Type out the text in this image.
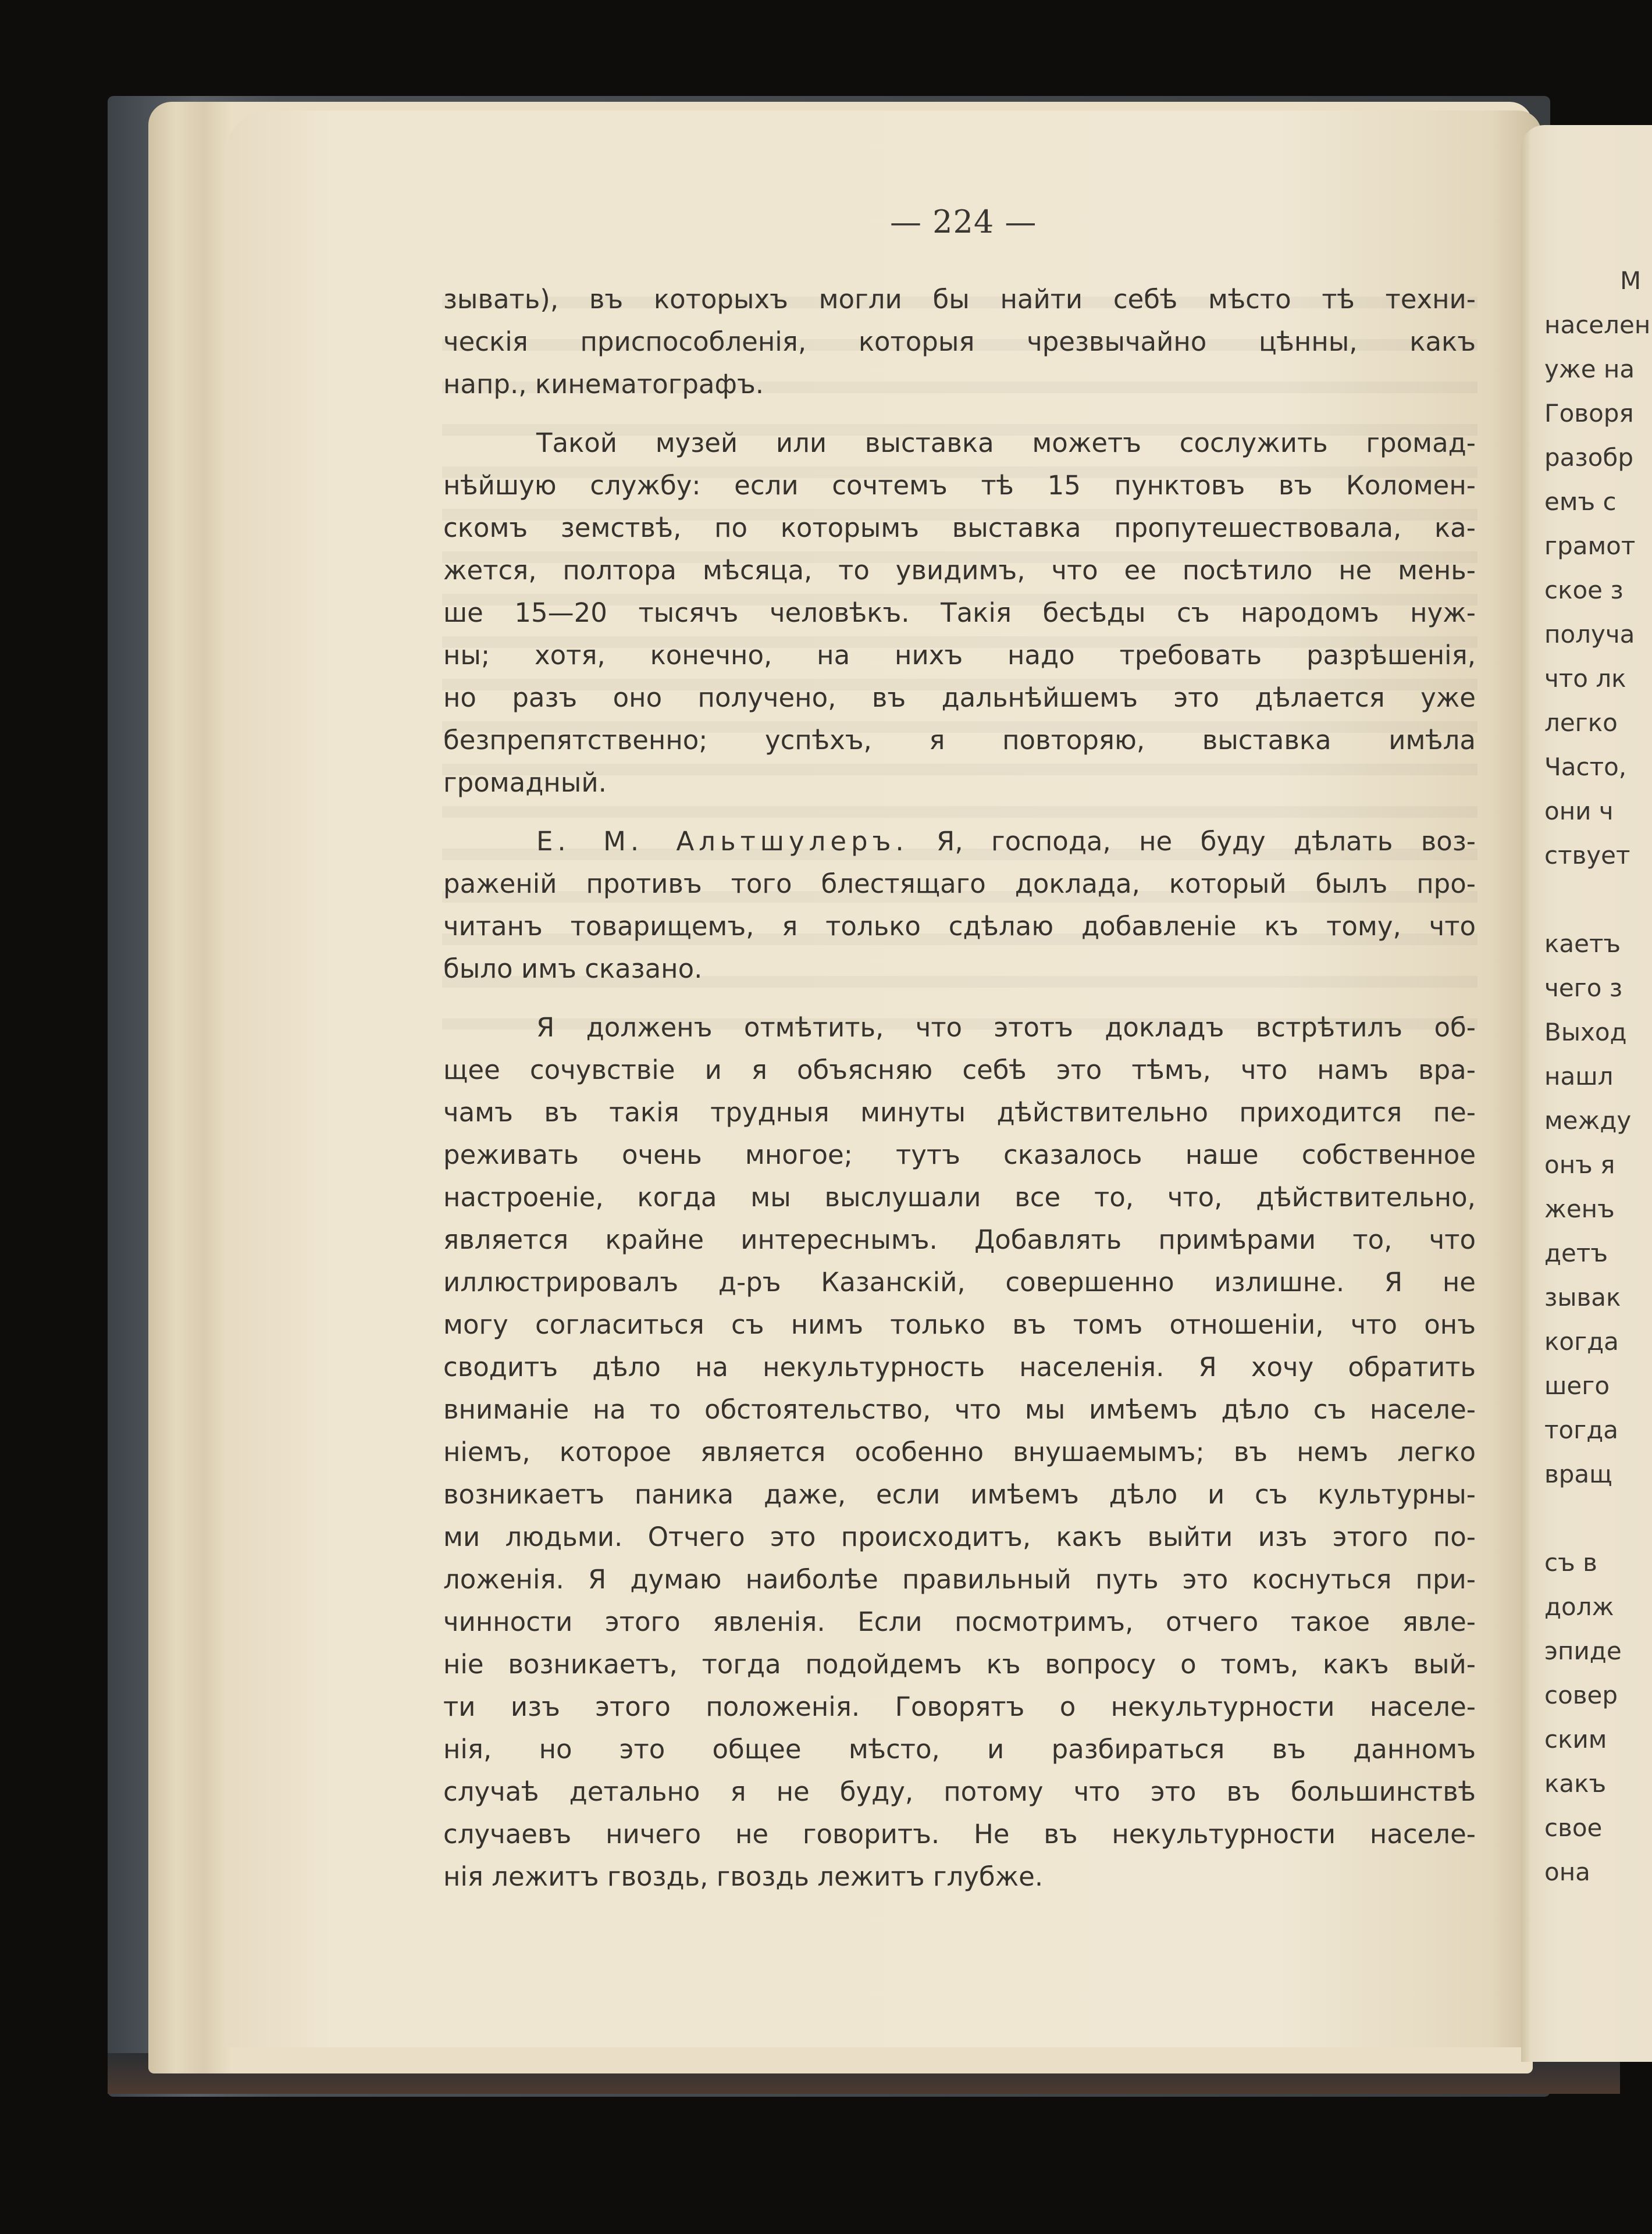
М
населен
уже на
Говоря
разобр
емъ с
грамот
ское з
получа
что лк
легко
Часто,
они ч
ствует
каетъ
чего з
Выход
нашл
между
онъ я
женъ
детъ
зывак
когда
шего
тогда
вращ
съ в
долж
эпиде
совер
ским
какъ
свое
она
— 224 —
зывать), въ которыхъ могли бы найти себѣ мѣсто тѣ техни-
ческія приспособленія, которыя чрезвычайно цѣнны, какъ
напр., кинематографъ.
Такой музей или выставка можетъ сослужить громад-
нѣйшую службу: если сочтемъ тѣ 15 пунктовъ въ Коломен-
скомъ земствѣ, по которымъ выставка пропутешествовала, ка-
жется, полтора мѣсяца, то увидимъ, что ее посѣтило не мень-
ше 15—20 тысячъ человѣкъ. Такія бесѣды съ народомъ нуж-
ны; хотя, конечно, на нихъ надо требовать разрѣшенія,
но разъ оно получено, въ дальнѣйшемъ это дѣлается уже
безпрепятственно; успѣхъ, я повторяю, выставка имѣла
громадный.
Е. М. Альтшулеръ. Я, господа, не буду дѣлать воз-
раженій противъ того блестящаго доклада, который былъ про-
читанъ товарищемъ, я только сдѣлаю добавленіе къ тому, что
было имъ сказано.
Я долженъ отмѣтить, что этотъ докладъ встрѣтилъ об-
щее сочувствіе и я объясняю себѣ это тѣмъ, что намъ вра-
чамъ въ такія трудныя минуты дѣйствительно приходится пе-
реживать очень многое; тутъ сказалось наше собственное
настроеніе, когда мы выслушали все то, что, дѣйствительно,
является крайне интереснымъ. Добавлять примѣрами то, что
иллюстрировалъ д-ръ Казанскій, совершенно излишне. Я не
могу согласиться съ нимъ только въ томъ отношеніи, что онъ
сводитъ дѣло на некультурность населенія. Я хочу обратить
вниманіе на то обстоятельство, что мы имѣемъ дѣло съ населе-
ніемъ, которое является особенно внушаемымъ; въ немъ легко
возникаетъ паника даже, если имѣемъ дѣло и съ культурны-
ми людьми. Отчего это происходитъ, какъ выйти изъ этого по-
ложенія. Я думаю наиболѣе правильный путь это коснуться при-
чинности этого явленія. Если посмотримъ, отчего такое явле-
ніе возникаетъ, тогда подойдемъ къ вопросу о томъ, какъ вый-
ти изъ этого положенія. Говорятъ о некультурности населе-
нія, но это общее мѣсто, и разбираться въ данномъ
случаѣ детально я не буду, потому что это въ большинствѣ
случаевъ ничего не говоритъ. Не въ некультурности населе-
нія лежитъ гвоздь, гвоздь лежитъ глубже.
